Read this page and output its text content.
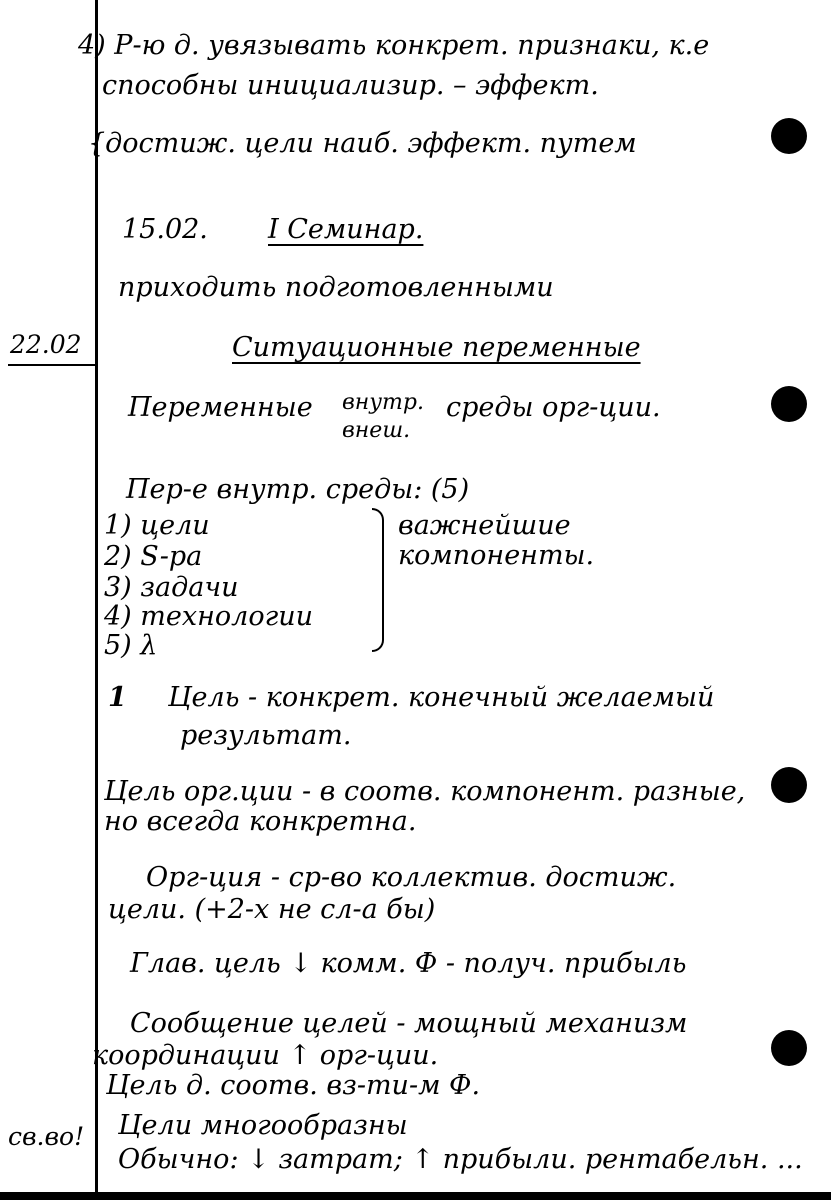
22.02
св.во!
4) Р-ю д. увязывать конкрет. признаки, к.е
способны инициализир. – эффект.
{достиж. цели наиб. эффект. путем
15.02. I Семинар.
приходить подготовленными
Ситуационные переменные
Переменные внутр.
внеш.
среды орг-ции.
Пер-е внутр. среды: (5)
1) цели
2) S-ра
3) задачи
4) технологии
5) λ
важнейшие
компоненты.
1 Цель - конкрет. конечный желаемый
результат.
Цель орг.ции - в соотв. компонент. разные,
но всегда конкретна.
Орг-ция - ср-во коллектив. достиж.
цели. (+2-х не сл-а бы)
Глав. цель ↓ комм. Ф - получ. прибыль
Сообщение целей - мощный механизм
координации ↑ орг-ции.
Цель д. соотв. вз-ти-м Ф.
Цели многообразны
Обычно: ↓ затрат; ↑ прибыли. рентабельн. ...
